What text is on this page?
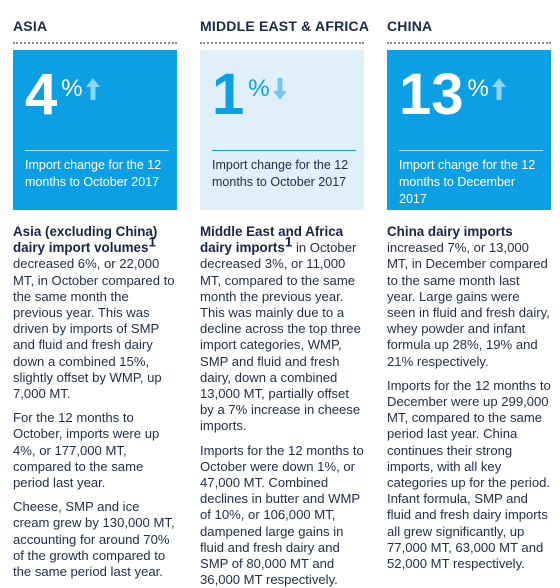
ASIA
4 %
Import change for the 12 months to October 2017

Asia (excluding China) dairy import volumes$^1$ decreased 6%, or 22,000 MT, in October compared to the same month the previous year. This was driven by imports of SMP and fluid and fresh dairy down a combined 15%, slightly offset by WMP, up 7,000 MT.

For the 12 months to October, imports were up 4%, or 177,000 MT, compared to the same period last year.

Cheese, SMP and ice cream grew by 130,000 MT, accounting for around 70% of the growth compared to the same period last year.

MIDDLE EAST & AFRICA
1 %
Import change for the 12 months to October 2017

Middle East and Africa dairy imports$^1$ in October decreased 3%, or 11,000 MT, compared to the same month the previous year. This was mainly due to a decline across the top three import categories, WMP, SMP and fluid and fresh dairy, down a combined 13,000 MT, partially offset by a 7% increase in cheese imports.

Imports for the 12 months to October were down 1%, or 47,000 MT. Combined declines in butter and WMP of 10%, or 106,000 MT, dampened large gains in fluid and fresh dairy and SMP of 80,000 MT and 36,000 MT respectively.

CHINA
13 %
Import change for the 12 months to December 2017

China dairy imports increased 7%, or 13,000 MT, in December compared to the same month last year. Large gains were seen in fluid and fresh dairy, whey powder and infant formula up 28%, 19% and 21% respectively.

Imports for the 12 months to December were up 299,000 MT, compared to the same period last year. China continues their strong imports, with all key categories up for the period. Infant formula, SMP and fluid and fresh dairy imports all grew significantly, up 77,000 MT, 63,000 MT and 52,000 MT respectively.
